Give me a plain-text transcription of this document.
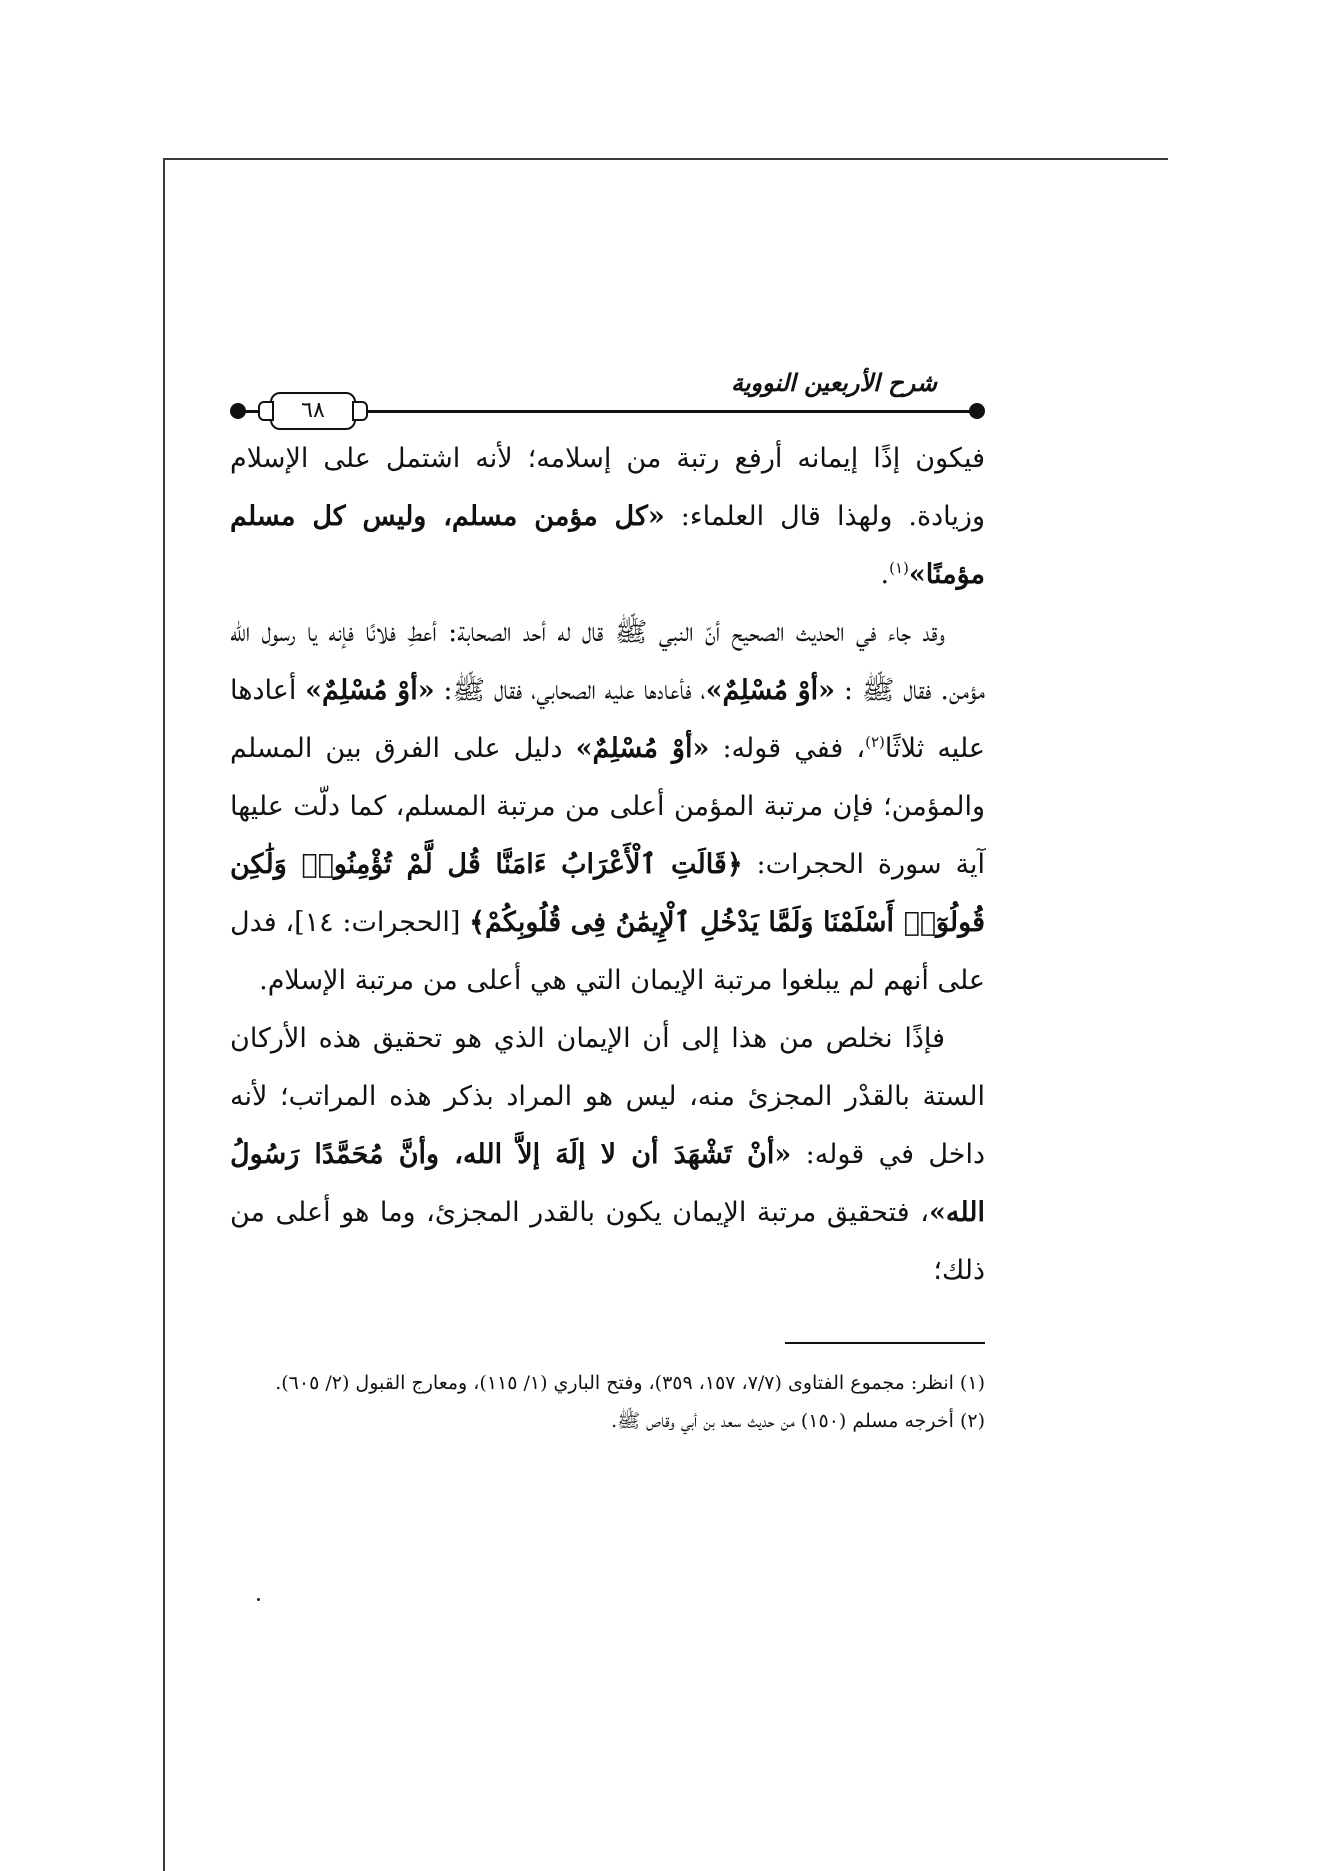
شرح الأربعين النووية
٦٨

فيكون إذًا إيمانه أرفع رتبة من إسلامه؛ لأنه اشتمل على الإسلام وزيادة. ولهذا قال العلماء: «كل مؤمن مسلم، وليس كل مسلم مؤمنًا»$^{(١)}$.

وقد جاء في الحديث الصحيح أنّ النبي ﷺ قال له أحد الصحابة: أعطِ فلانًا فإنه يا رسول الله مؤمن. فقال ﷺ : «أوْ مُسْلِمٌ»، فأعادها عليه الصحابي، فقال ﷺ: «أوْ مُسْلِمٌ» أعادها عليه ثلاثًا$^{(٢)}$، ففي قوله: «أوْ مُسْلِمٌ» دليل على الفرق بين المسلم والمؤمن؛ فإن مرتبة المؤمن أعلى من مرتبة المسلم، كما دلّت عليها آية سورة الحجرات: ﴿قَالَتِ ٱلْأَعْرَابُ ءَامَنَّا قُل لَّمْ تُؤْمِنُوا۟ وَلَٰكِن قُولُوٓا۟ أَسْلَمْنَا وَلَمَّا يَدْخُلِ ٱلْإِيمَٰنُ فِى قُلُوبِكُمْ﴾ [الحجرات: ١٤]، فدل على أنهم لم يبلغوا مرتبة الإيمان التي هي أعلى من مرتبة الإسلام.

فإذًا نخلص من هذا إلى أن الإيمان الذي هو تحقيق هذه الأركان الستة بالقدْر المجزئ منه، ليس هو المراد بذكر هذه المراتب؛ لأنه داخل في قوله: «أنْ تَشْهَدَ أن لا إلَهَ إلاَّ الله، وأنَّ مُحَمَّدًا رَسُولُ الله»، فتحقيق مرتبة الإيمان يكون بالقدر المجزئ، وما هو أعلى من ذلك؛

(١) انظر: مجموع الفتاوى (٧/٧، ١٥٧، ٣٥٩)، وفتح الباري (١/ ١١٥)، ومعارج القبول (٢/ ٦٠٥).

(٢) أخرجه مسلم (١٥٠) من حديث سعد بن أبي وقاص ﷺ.
